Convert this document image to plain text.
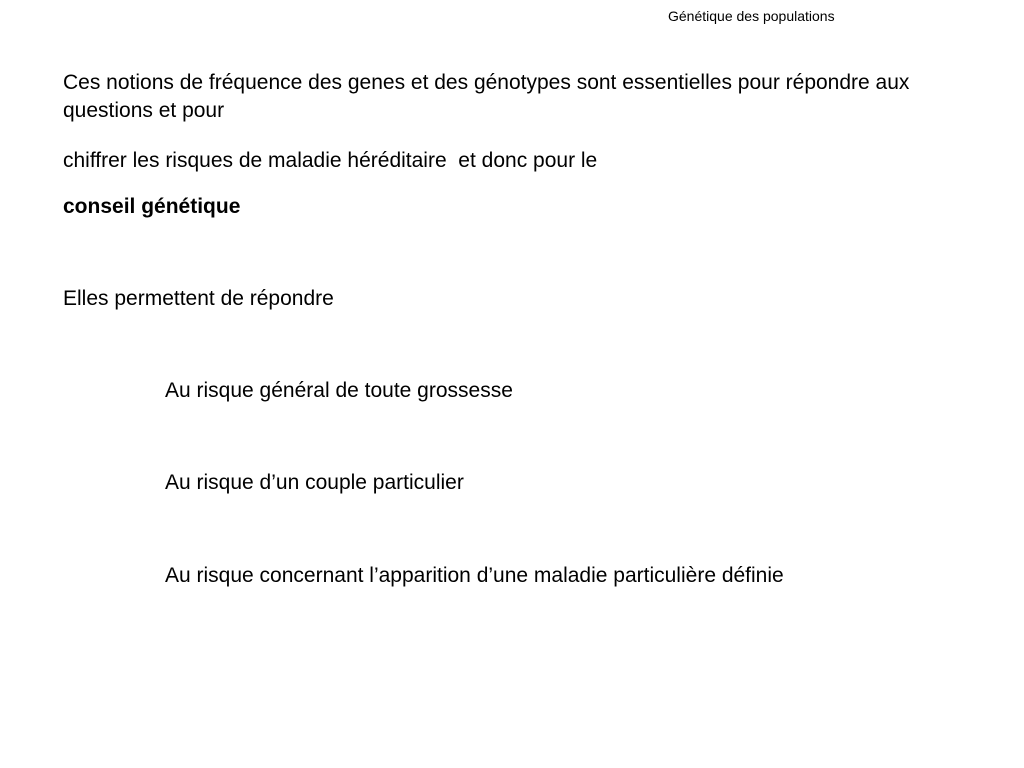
Génétique des populations

Ces notions de fréquence des genes et des génotypes sont essentielles pour répondre aux questions et pour

chiffrer les risques de maladie héréditaire  et donc pour le

conseil génétique

Elles permettent de répondre

Au risque général de toute grossesse
Au risque d’un couple particulier
Au risque concernant l’apparition d’une maladie particulière définie
